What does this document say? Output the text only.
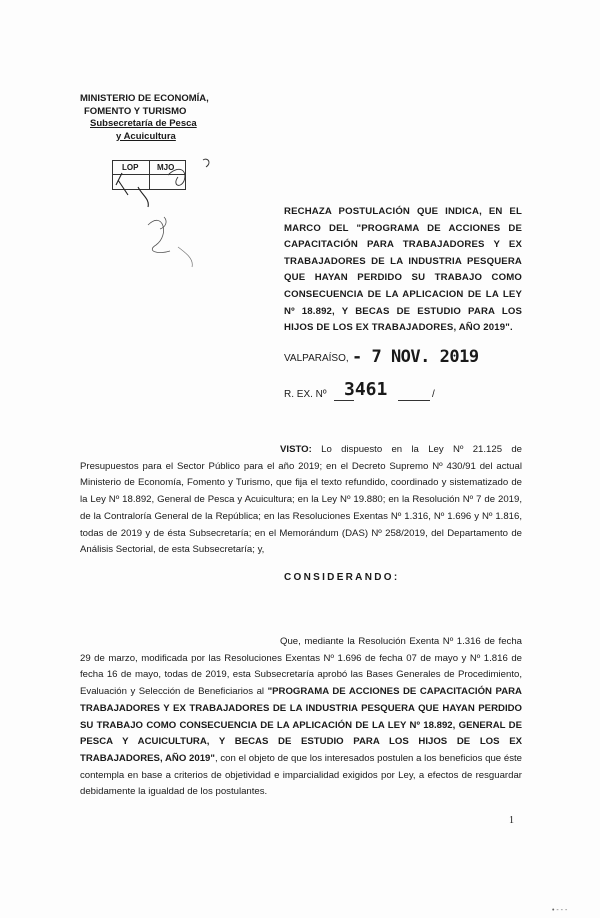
MINISTERIO DE ECONOMÍA,
FOMENTO Y TURISMO
Subsecretaría de Pesca
y Acuicultura
LOP MJO
RECHAZA POSTULACIÓN QUE INDICA, EN EL MARCO DEL "PROGRAMA DE ACCIONES DE CAPACITACIÓN PARA TRABAJADORES Y EX TRABAJADORES DE LA INDUSTRIA PESQUERA QUE HAYAN PERDIDO SU TRABAJO COMO CONSECUENCIA DE LA APLICACION DE LA LEY Nº 18.892, Y BECAS DE ESTUDIO PARA LOS HIJOS DE LOS EX TRABAJADORES, AÑO 2019".
VALPARAÍSO, - 7 NOV. 2019
R. EX. Nº 3461	/
VISTO: Lo dispuesto en la Ley Nº 21.125 de Presupuestos para el Sector Público para el año 2019; en el Decreto Supremo Nº 430/91 del actual Ministerio de Economía, Fomento y Turismo, que fija el texto refundido, coordinado y sistematizado de la Ley Nº 18.892, General de Pesca y Acuicultura; en la Ley Nº 19.880; en la Resolución Nº 7 de 2019, de la Contraloría General de la República; en las Resoluciones Exentas Nº 1.316, Nº 1.696 y Nº 1.816, todas de 2019 y de ésta Subsecretaría; en el Memorándum (DAS) Nº 258/2019, del Departamento de Análisis Sectorial, de esta Subsecretaría; y,
CONSIDERANDO:
Que, mediante la Resolución Exenta Nº 1.316 de fecha 29 de marzo, modificada por las Resoluciones Exentas Nº 1.696 de fecha 07 de mayo y Nº 1.816 de fecha 16 de mayo, todas de 2019, esta Subsecretaría aprobó las Bases Generales de Procedimiento, Evaluación y Selección de Beneficiarios al "PROGRAMA DE ACCIONES DE CAPACITACIÓN PARA TRABAJADORES Y EX TRABAJADORES DE LA INDUSTRIA PESQUERA QUE HAYAN PERDIDO SU TRABAJO COMO CONSECUENCIA DE LA APLICACIÓN DE LA LEY Nº 18.892, GENERAL DE PESCA Y ACUICULTURA, Y BECAS DE ESTUDIO PARA LOS HIJOS DE LOS EX TRABAJADORES, AÑO 2019", con el objeto de que los interesados postulen a los beneficios que éste contempla en base a criterios de objetividad e imparcialidad exigidos por Ley, a efectos de resguardar debidamente la igualdad de los postulantes.
1
• ‐ ‐ ‐
